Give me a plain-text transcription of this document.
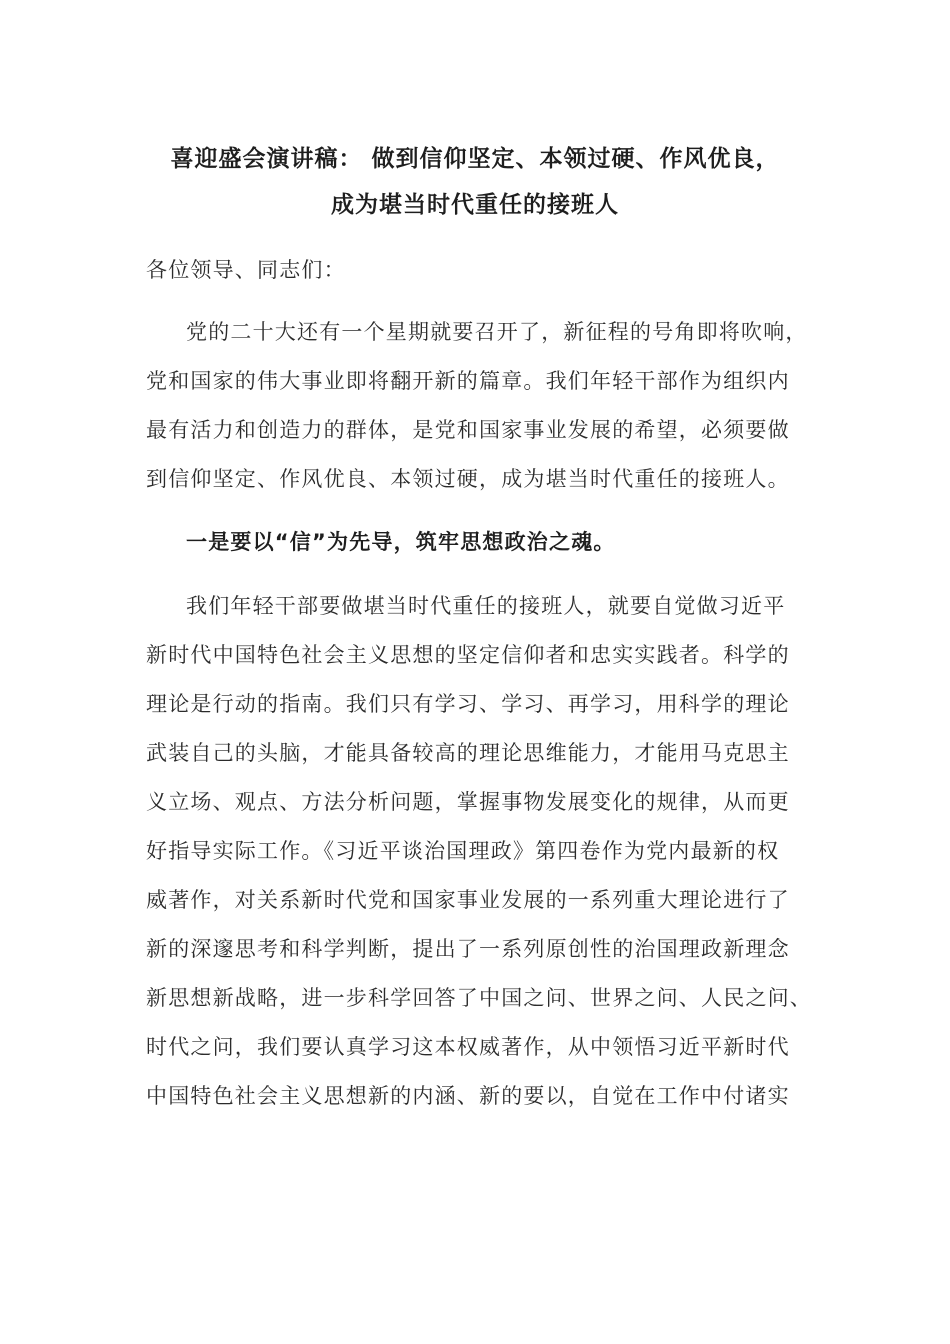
喜迎盛会演讲稿： 做到信仰坚定、本领过硬、作风优良，
成为堪当时代重任的接班人
各位领导、同志们：
党的二十大还有一个星期就要召开了，新征程的号角即将吹响，
党和国家的伟大事业即将翻开新的篇章。我们年轻干部作为组织内
最有活力和创造力的群体，是党和国家事业发展的希望，必须要做
到信仰坚定、作风优良、本领过硬，成为堪当时代重任的接班人。
一是要以“信”为先导，筑牢思想政治之魂。
我们年轻干部要做堪当时代重任的接班人，就要自觉做习近平
新时代中国特色社会主义思想的坚定信仰者和忠实实践者。科学的
理论是行动的指南。我们只有学习、学习、再学习，用科学的理论
武装自己的头脑，才能具备较高的理论思维能力，才能用马克思主
义立场、观点、方法分析问题，掌握事物发展变化的规律，从而更
好指导实际工作。《习近平谈治国理政》第四卷作为党内最新的权
威著作，对关系新时代党和国家事业发展的一系列重大理论进行了
新的深邃思考和科学判断，提出了一系列原创性的治国理政新理念
新思想新战略，进一步科学回答了中国之问、世界之问、人民之问、
时代之问，我们要认真学习这本权威著作，从中领悟习近平新时代
中国特色社会主义思想新的内涵、新的要以，自觉在工作中付诸实
